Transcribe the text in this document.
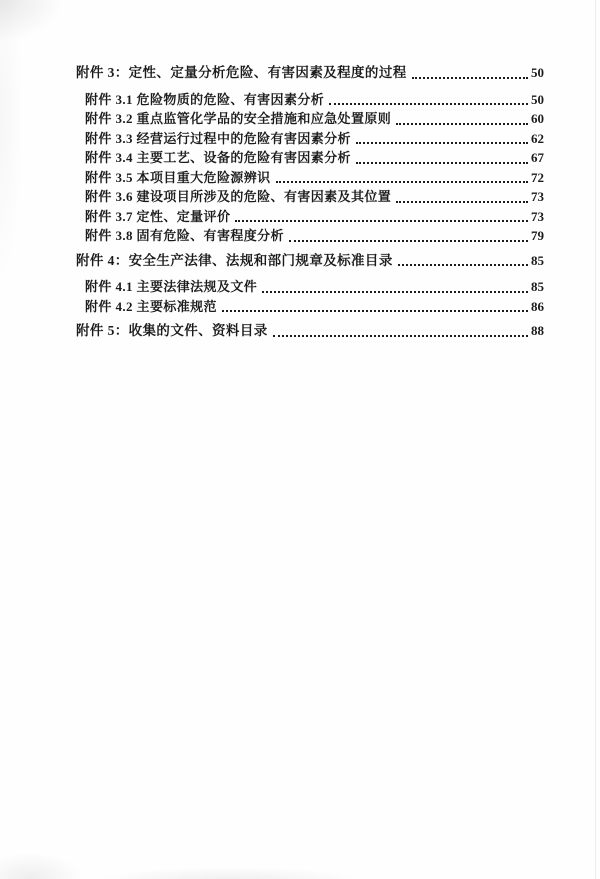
附件 3：定性、定量分析危险、有害因素及程度的过程	50
附件 3.1 危险物质的危险、有害因素分析	50
附件 3.2 重点监管化学品的安全措施和应急处置原则	60
附件 3.3 经营运行过程中的危险有害因素分析	62
附件 3.4 主要工艺、设备的危险有害因素分析	67
附件 3.5 本项目重大危险源辨识	72
附件 3.6 建设项目所涉及的危险、有害因素及其位置	73
附件 3.7 定性、定量评价	73
附件 3.8 固有危险、有害程度分析	79
附件 4：安全生产法律、法规和部门规章及标准目录	85
附件 4.1 主要法律法规及文件	85
附件 4.2 主要标准规范	86
附件 5：收集的文件、资料目录	88
